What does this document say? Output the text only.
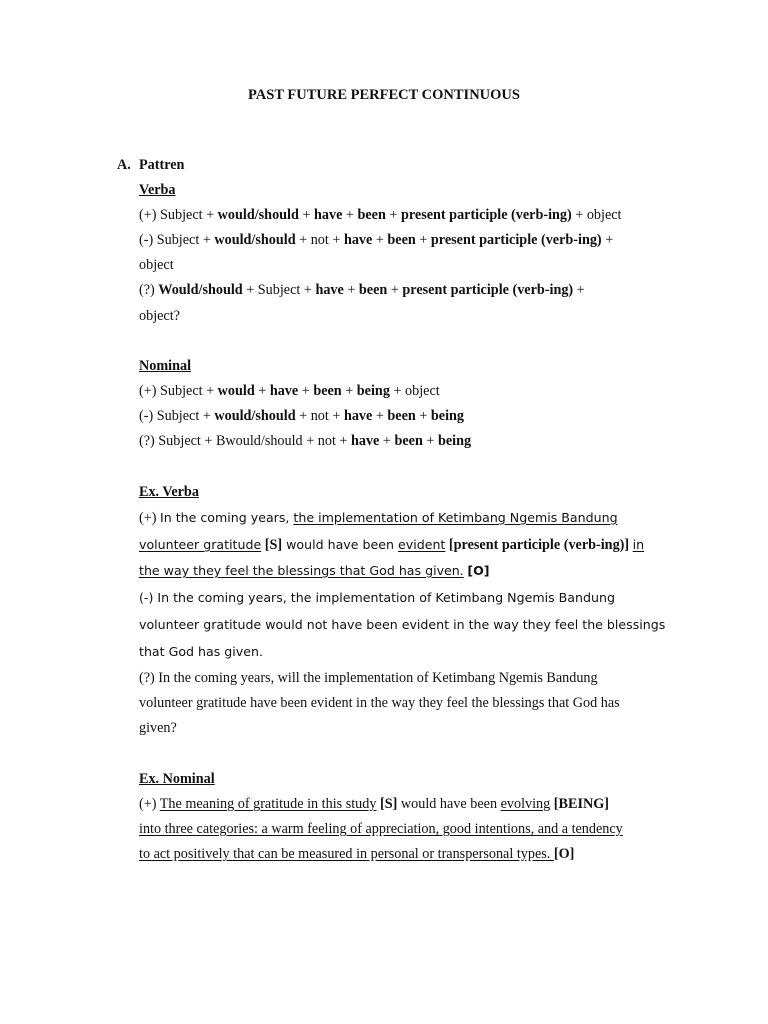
PAST FUTURE PERFECT CONTINUOUS
A. Pattren
Verba
(+) Subject + would/should + have + been + present participle (verb-ing) + object
(-) Subject + would/should + not + have + been + present participle (verb-ing) +
object
(?) Would/should + Subject + have + been + present participle (verb-ing) +
object?
Nominal
(+) Subject + would + have + been + being + object
(-) Subject + would/should + not + have + been + being
(?) Subject + Bwould/should + not + have + been + being
Ex. Verba
(+) In the coming years, the implementation of Ketimbang Ngemis Bandung
volunteer gratitude [S] would have been evident [present participle (verb-ing)] in
the way they feel the blessings that God has given. [O]
(-) In the coming years, the implementation of Ketimbang Ngemis Bandung
volunteer gratitude would not have been evident in the way they feel the blessings
that God has given.
(?) In the coming years, will the implementation of Ketimbang Ngemis Bandung
volunteer gratitude have been evident in the way they feel the blessings that God has
given?
Ex. Nominal
(+) The meaning of gratitude in this study [S] would have been evolving [BEING]
into three categories: a warm feeling of appreciation, good intentions, and a tendency
to act positively that can be measured in personal or transpersonal types. [O]
